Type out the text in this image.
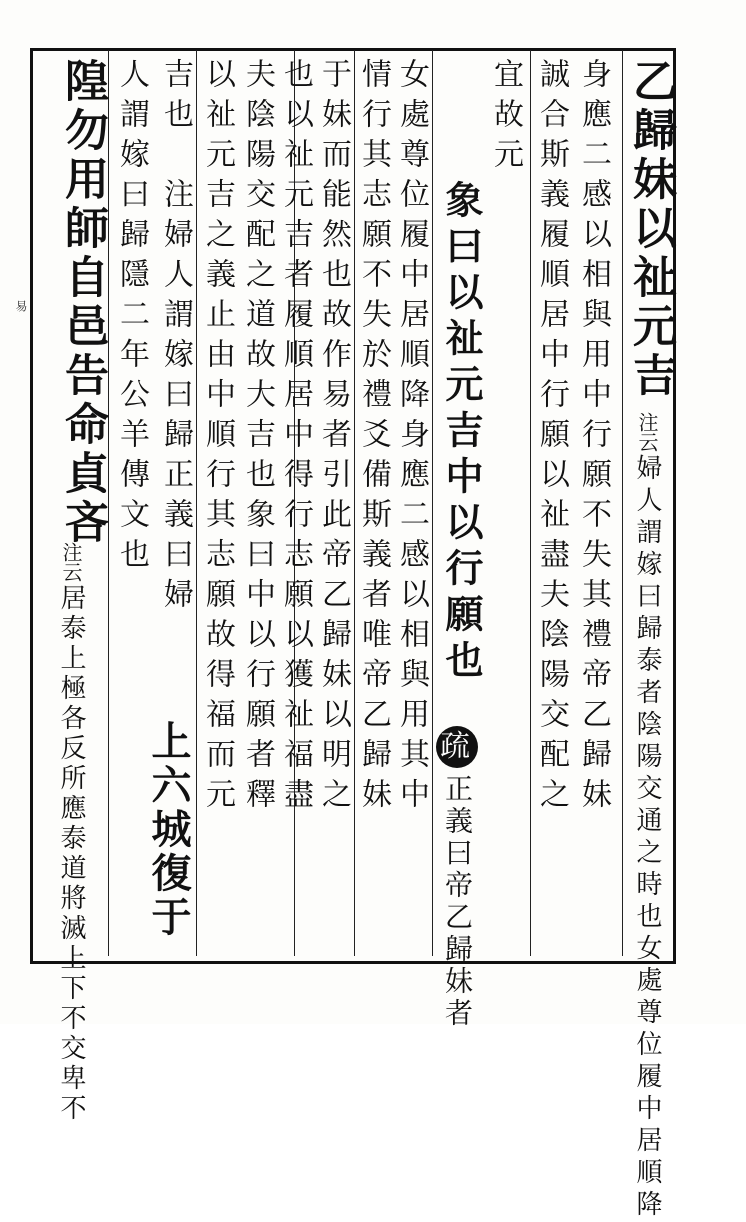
乙歸妹以祉元吉
注云婦人謂嫁曰歸泰者陰陽交通之時也女處尊位履中居順降
身應二感以相與用中行願不失其禮帝乙歸妹
誠合斯義履順居中行願以祉盡夫陰陽交配之
宜故元
象曰以祉元吉中以行願也
疏正義曰帝乙歸妹者
女處尊位履中居順降身應二感以相與用其中
情行其志願不失於禮爻備斯義者唯帝乙歸妹
于妹而能然也故作易者引此帝乙歸妹以明之
也以祉元吉者履順居中得行志願以獲祉福盡
夫陰陽交配之道故大吉也象曰中以行願者釋
以祉元吉之義止由中順行其志願故得福而元
吉也注婦人謂嫁曰歸正義曰婦
上六城復于
人謂嫁曰歸隱二年公羊傳文也
隍勿用師自邑告命貞吝
注云居泰上極各反所應泰道將滅上下不交卑不
易
